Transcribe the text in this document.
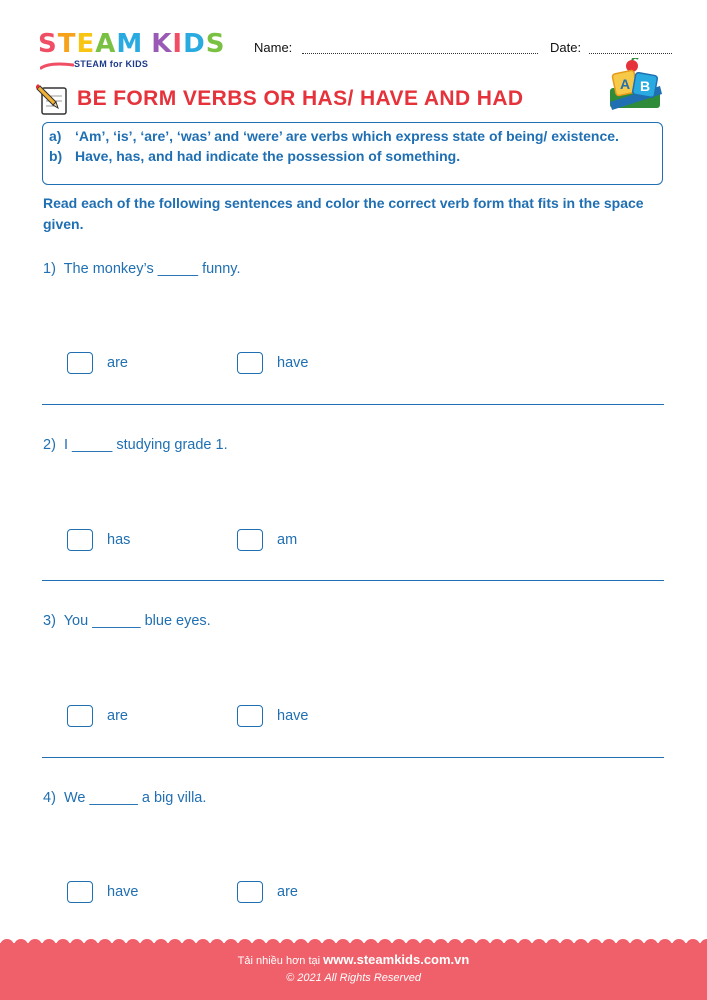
S T E A M K I D S
STEAM for KIDS
Name:	Date:
BE FORM VERBS OR HAS/ HAVE AND HAD
A B
a) ‘Am’, ‘is’, ‘are’, ‘was’ and ‘were’ are verbs which express state of being/ existence.
b) Have, has, and had indicate the possession of something.
Read each of the following sentences and color the correct verb form that fits in the space given.
1) The monkey’s _____ funny.
are	have
2) I _____ studying grade 1.
has	am
3) You ______ blue eyes.
are	have
4) We ______ a big villa.
have	are
Tải nhiều hơn tại www.steamkids.com.vn
© 2021 All Rights Reserved
